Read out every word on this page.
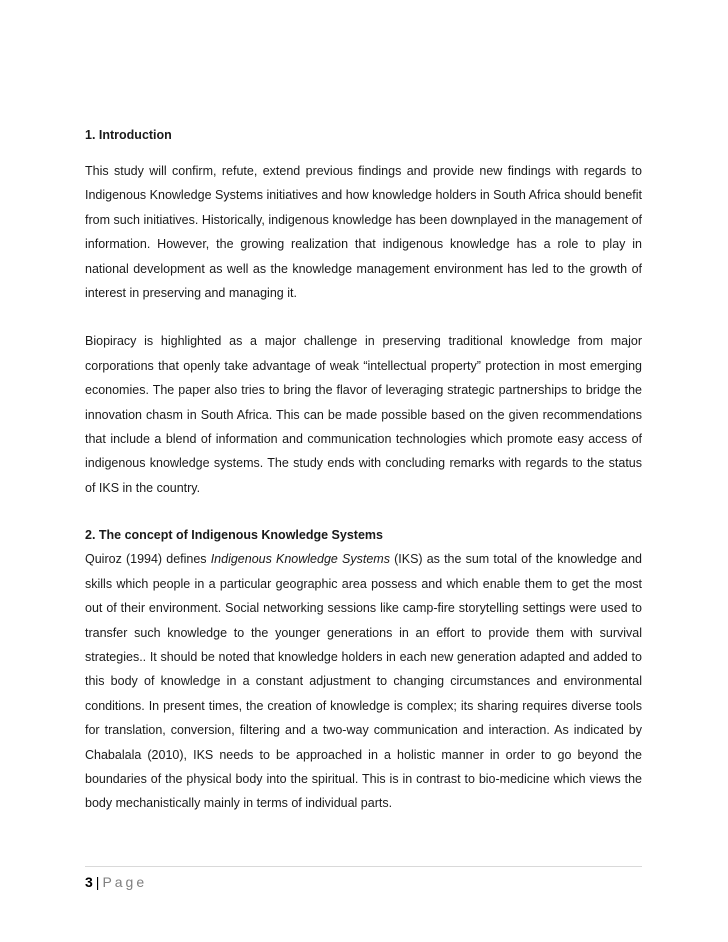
1. Introduction

This study will confirm, refute, extend previous findings and provide new findings with regards to Indigenous Knowledge Systems initiatives and how knowledge holders in South Africa should benefit from such initiatives. Historically, indigenous knowledge has been downplayed in the management of information. However, the growing realization that indigenous knowledge has a role to play in national development as well as the knowledge management environment has led to the growth of interest in preserving and managing it.

Biopiracy is highlighted as a major challenge in preserving traditional knowledge from major corporations that openly take advantage of weak “intellectual property” protection in most emerging economies. The paper also tries to bring the flavor of leveraging strategic partnerships to bridge the innovation chasm in South Africa. This can be made possible based on the given recommendations that include a blend of information and communication technologies which promote easy access of indigenous knowledge systems. The study ends with concluding remarks with regards to the status of IKS in the country.

2. The concept of Indigenous Knowledge Systems

Quiroz (1994) defines Indigenous Knowledge Systems (IKS) as the sum total of the knowledge and skills which people in a particular geographic area possess and which enable them to get the most out of their environment. Social networking sessions like camp-fire storytelling settings were used to transfer such knowledge to the younger generations in an effort to provide them with survival strategies.. It should be noted that knowledge holders in each new generation adapted and added to this body of knowledge in a constant adjustment to changing circumstances and environmental conditions. In present times, the creation of knowledge is complex; its sharing requires diverse tools for translation, conversion, filtering and a two-way communication and interaction. As indicated by Chabalala (2010), IKS needs to be approached in a holistic manner in order to go beyond the boundaries of the physical body into the spiritual. This is in contrast to bio-medicine which views the body mechanistically mainly in terms of individual parts.

3 | Page
